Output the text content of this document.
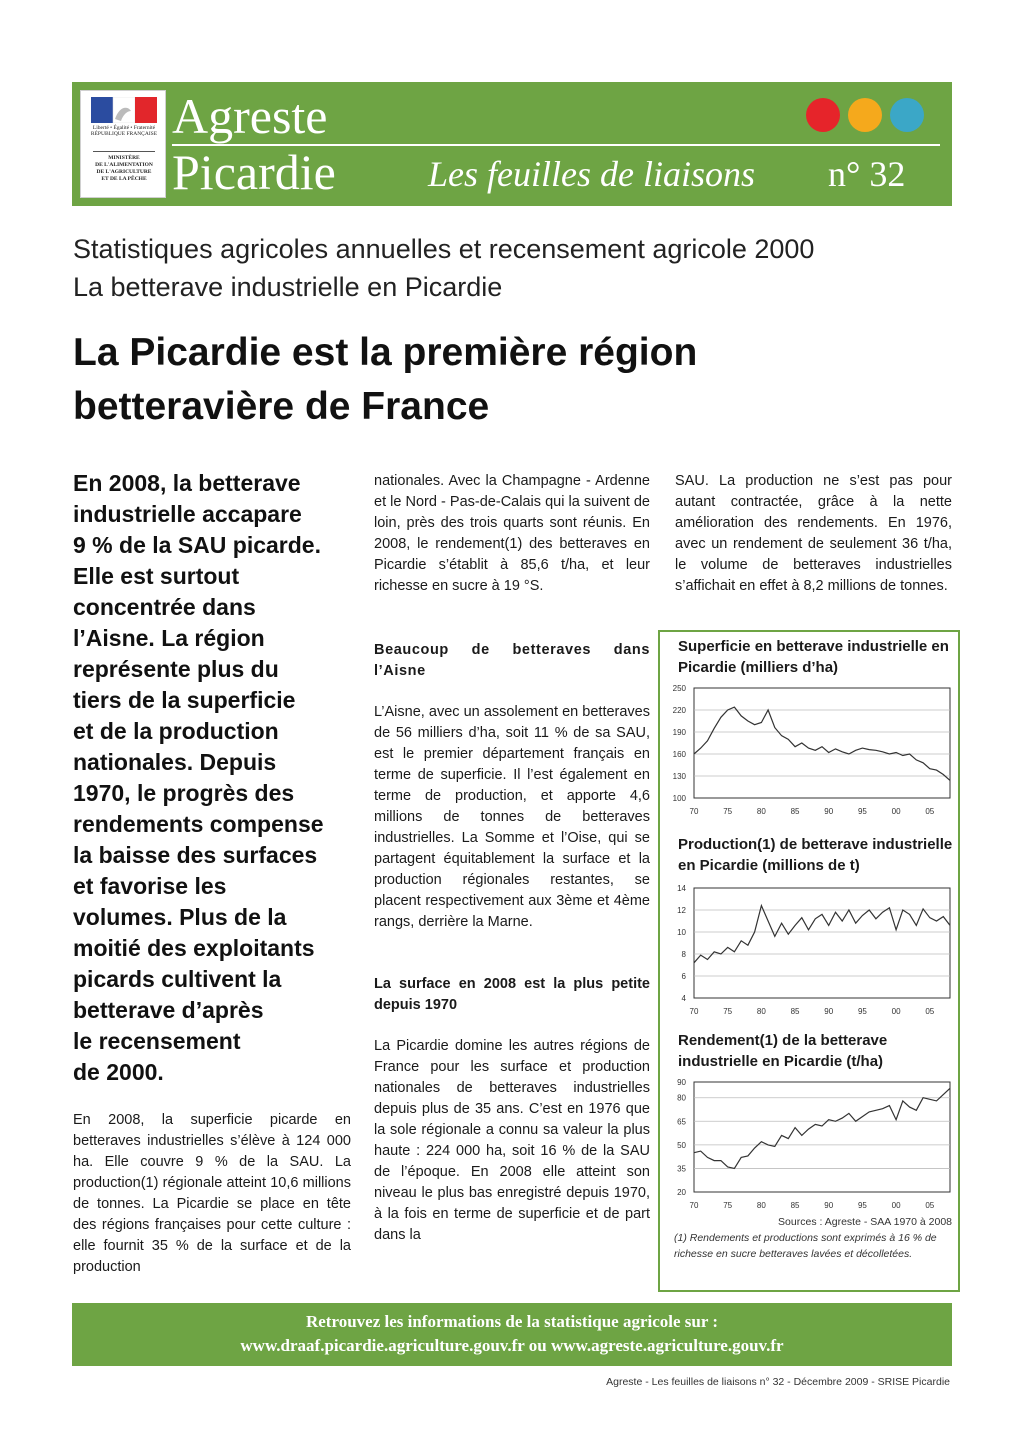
Liberté • Égalité • Fraternité
RÉPUBLIQUE FRANÇAISE
MINISTÈRE
DE L'ALIMENTATION
DE L'AGRICULTURE
ET DE LA PÊCHE
Agreste
Picardie	Les feuilles de liaisons n° 32
Statistiques agricoles annuelles et recensement agricole 2000
La betterave industrielle en Picardie
La Picardie est la première région
betteravière de France
En 2008, la betterave
industrielle accapare
9 % de la SAU picarde.
Elle est surtout
concentrée dans
l’Aisne. La région
représente plus du
tiers de la superficie
et de la production
nationales. Depuis
1970, le progrès des
rendements compense
la baisse des surfaces
et favorise les
volumes. Plus de la
moitié des exploitants
picards cultivent la
betterave d’après
le recensement
de 2000.

En 2008, la superficie picarde en betteraves industrielles s’élève à 124 000 ha. Elle couvre 9 % de la SAU. La production(1) régionale atteint 10,6 millions de tonnes. La Picardie se place en tête des régions françaises pour cette culture : elle fournit 35 % de la surface et de la production

nationales. Avec la Champagne - Ardenne et le Nord - Pas-de-Calais qui la suivent de loin, près des trois quarts sont réunis. En 2008, le rendement(1) des betteraves en Picardie s’établit à 85,6 t/ha, et leur richesse en sucre à 19 °S.

Beaucoup de betteraves dans l’Aisne

L’Aisne, avec un assolement en betteraves de 56 milliers d’ha, soit 11 % de sa SAU, est le premier département français en terme de superficie. Il l’est également en terme de production, et apporte 4,6 millions de tonnes de betteraves industrielles. La Somme et l’Oise, qui se partagent équitablement la surface et la production régionales restantes, se placent respectivement aux 3ème et 4ème rangs, derrière la Marne.

La surface en 2008 est la plus petite depuis 1970

La Picardie domine les autres régions de France pour les surface et production nationales de betteraves industrielles depuis plus de 35 ans. C’est en 1976 que la sole régionale a connu sa valeur la plus haute : 224 000 ha, soit 16 % de la SAU de l’époque. En 2008 elle atteint son niveau le plus bas enregistré depuis 1970, à la fois en terme de superficie et de part dans la

SAU. La production ne s’est pas pour autant contractée, grâce à la nette amélioration des rendements. En 1976, avec un rendement de seulement 36 t/ha, le volume de betteraves industrielles s’affichait en effet à 8,2 millions de tonnes.

Superficie en betterave industrielle en Picardie (milliers d’ha)
100
130
160
190
220
250
70	75	80	85	90	95	00	05
Production(1) de betterave industrielle en Picardie (millions de t)
4
6
8
10
12
14
70	75	80	85	90	95	00	05
Rendement(1) de la betterave industrielle en Picardie (t/ha)
20
35
50
65
80
90
70	75	80	85	90	95	00	05
Sources : Agreste - SAA 1970 à 2008
(1) Rendements et productions sont exprimés à 16 % de richesse en sucre betteraves lavées et décolletées.
Retrouvez les informations de la statistique agricole sur :
www.draaf.picardie.agriculture.gouv.fr ou www.agreste.agriculture.gouv.fr
Agreste - Les feuilles de liaisons n° 32 - Décembre 2009 - SRISE Picardie
